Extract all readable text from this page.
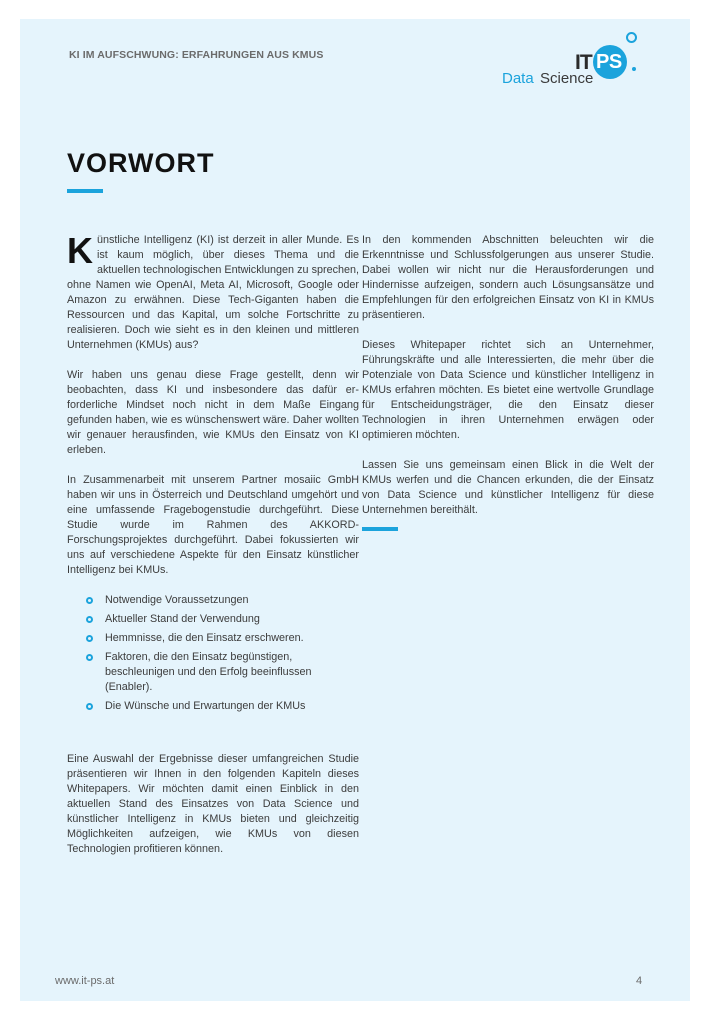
KI IM AUFSCHWUNG: ERFAHRUNGEN AUS KMUS	IT PS
Data Science
VORWORT

Künstliche Intelligenz (KI) ist derzeit in aller Munde. Es ist kaum möglich, über dieses Thema und die aktuellen technologischen Entwicklungen zu sprechen, ohne Namen wie OpenAI, Meta AI, Microsoft, Google oder Amazon zu erwähnen. Diese Tech-Giganten haben die Ressourcen und das Kapital, um solche Fortschritte zu realisieren. Doch wie sieht es in den kleinen und mittleren Unternehmen (KMUs) aus?

Wir haben uns genau diese Frage gestellt, denn wir beobachten, dass KI und insbesondere das dafür erforderliche Mindset noch nicht in dem Maße Eingang gefunden haben, wie es wünschenswert wäre. Daher wollten wir genauer herausfinden, wie KMUs den Einsatz von KI erleben.

In Zusammenarbeit mit unserem Partner mosaiic GmbH haben wir uns in Österreich und Deutschland umgehört und eine umfassende Fragebogenstudie durchgeführt. Diese Studie wurde im Rahmen des AKKORD-Forschungsprojektes durchgeführt. Dabei fokussierten wir uns auf verschiedene Aspekte für den Einsatz künstlicher Intelligenz bei KMUs.

Notwendige Voraussetzungen
Aktueller Stand der Verwendung
Hemmnisse, die den Einsatz erschweren.
Faktoren, die den Einsatz begünstigen, beschleunigen und den Erfolg beeinflussen (Enabler).
Die Wünsche und Erwartungen der KMUs

Eine Auswahl der Ergebnisse dieser umfangreichen Studie präsentieren wir Ihnen in den folgenden Kapiteln dieses Whitepapers. Wir möchten damit einen Einblick in den aktuellen Stand des Einsatzes von Data Science und künstlicher Intelligenz in KMUs bieten und gleichzeitig Möglichkeiten aufzeigen, wie KMUs von diesen Technologien profitieren können.

In den kommenden Abschnitten beleuchten wir die Erkenntnisse und Schlussfolgerungen aus unserer Studie. Dabei wollen wir nicht nur die Herausforderungen und Hindernisse aufzeigen, sondern auch Lösungsansätze und Empfehlungen für den erfolgreichen Einsatz von KI in KMUs präsentieren.

Dieses Whitepaper richtet sich an Unternehmer, Führungskräfte und alle Interessierten, die mehr über die Potenziale von Data Science und künstlicher Intelligenz in KMUs erfahren möchten. Es bietet eine wertvolle Grundlage für Entscheidungsträger, die den Einsatz dieser Technologien in ihren Unternehmen erwägen oder optimieren möchten.

Lassen Sie uns gemeinsam einen Blick in die Welt der KMUs werfen und die Chancen erkunden, die der Einsatz von Data Science und künstlicher Intelligenz für diese Unternehmen bereithält.

www.it-ps.at	4
